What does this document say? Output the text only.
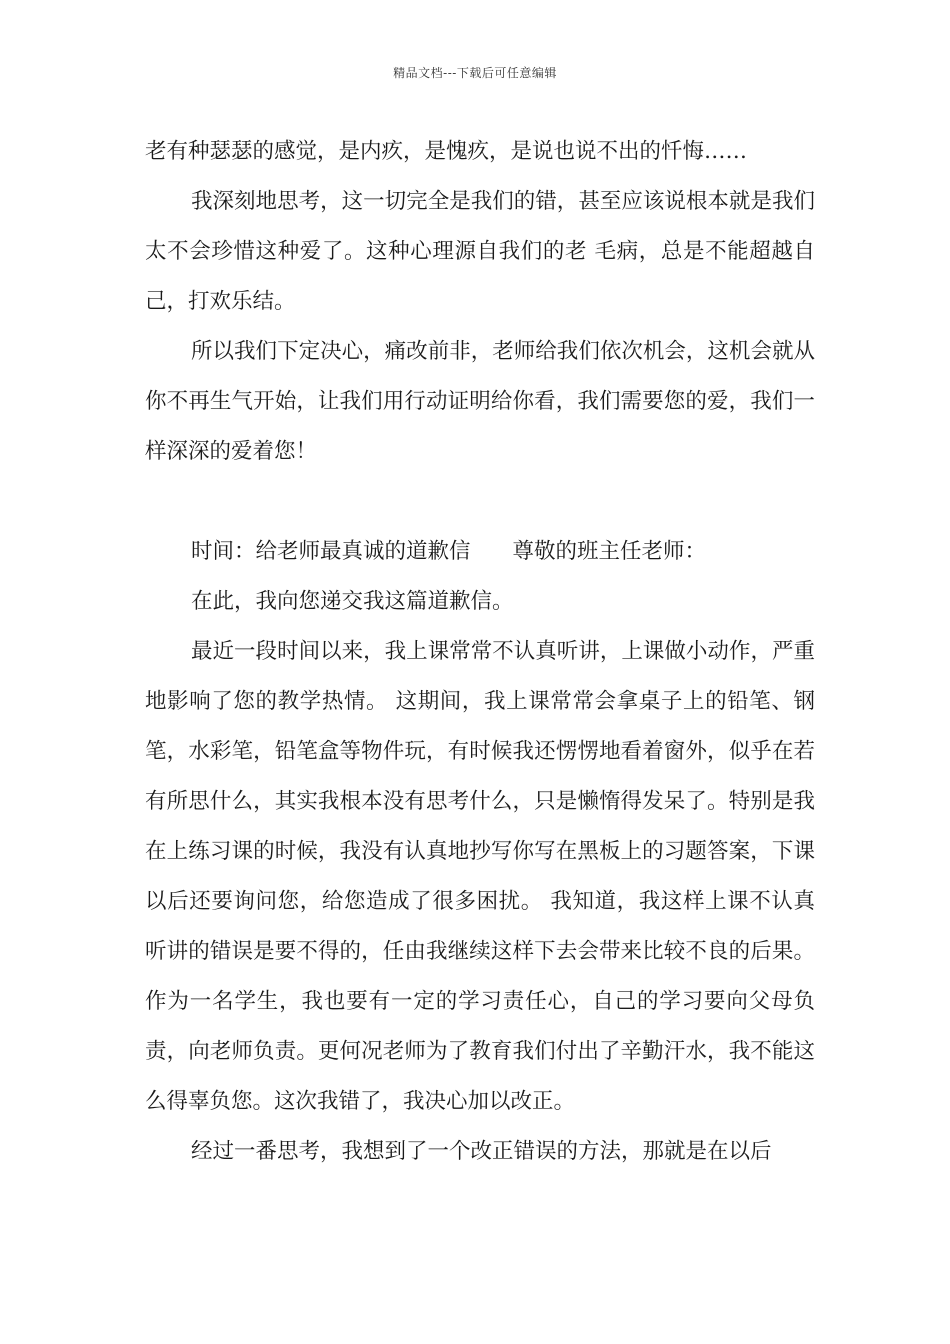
精品文档---下载后可任意编辑

老有种瑟瑟的感觉，是内疚，是愧疚，是说也说不出的忏悔……

我深刻地思考，这一切完全是我们的错，甚至应该说根本就是我们太不会珍惜这种爱了。这种心理源自我们的老 毛病，总是不能超越自己，打欢乐结。

所以我们下定决心，痛改前非，老师给我们依次机会，这机会就从你不再生气开始，让我们用行动证明给你看，我们需要您的爱，我们一样深深的爱着您！

时间：给老师最真诚的道歉信 尊敬的班主任老师：

在此，我向您递交我这篇道歉信。

最近一段时间以来，我上课常常不认真听讲，上课做小动作，严重地影响了您的教学热情。 这期间，我上课常常会拿桌子上的铅笔、钢笔，水彩笔，铅笔盒等物件玩，有时候我还愣愣地看着窗外，似乎在若有所思什么，其实我根本没有思考什么，只是懒惰得发呆了。特别是我在上练习课的时候，我没有认真地抄写你写在黑板上的习题答案，下课以后还要询问您，给您造成了很多困扰。 我知道，我这样上课不认真听讲的错误是要不得的，任由我继续这样下去会带来比较不良的后果。作为一名学生，我也要有一定的学习责任心，自己的学习要向父母负责，向老师负责。更何况老师为了教育我们付出了辛勤汗水，我不能这么得辜负您。这次我错了，我决心加以改正。

经过一番思考，我想到了一个改正错误的方法，那就是在以后
